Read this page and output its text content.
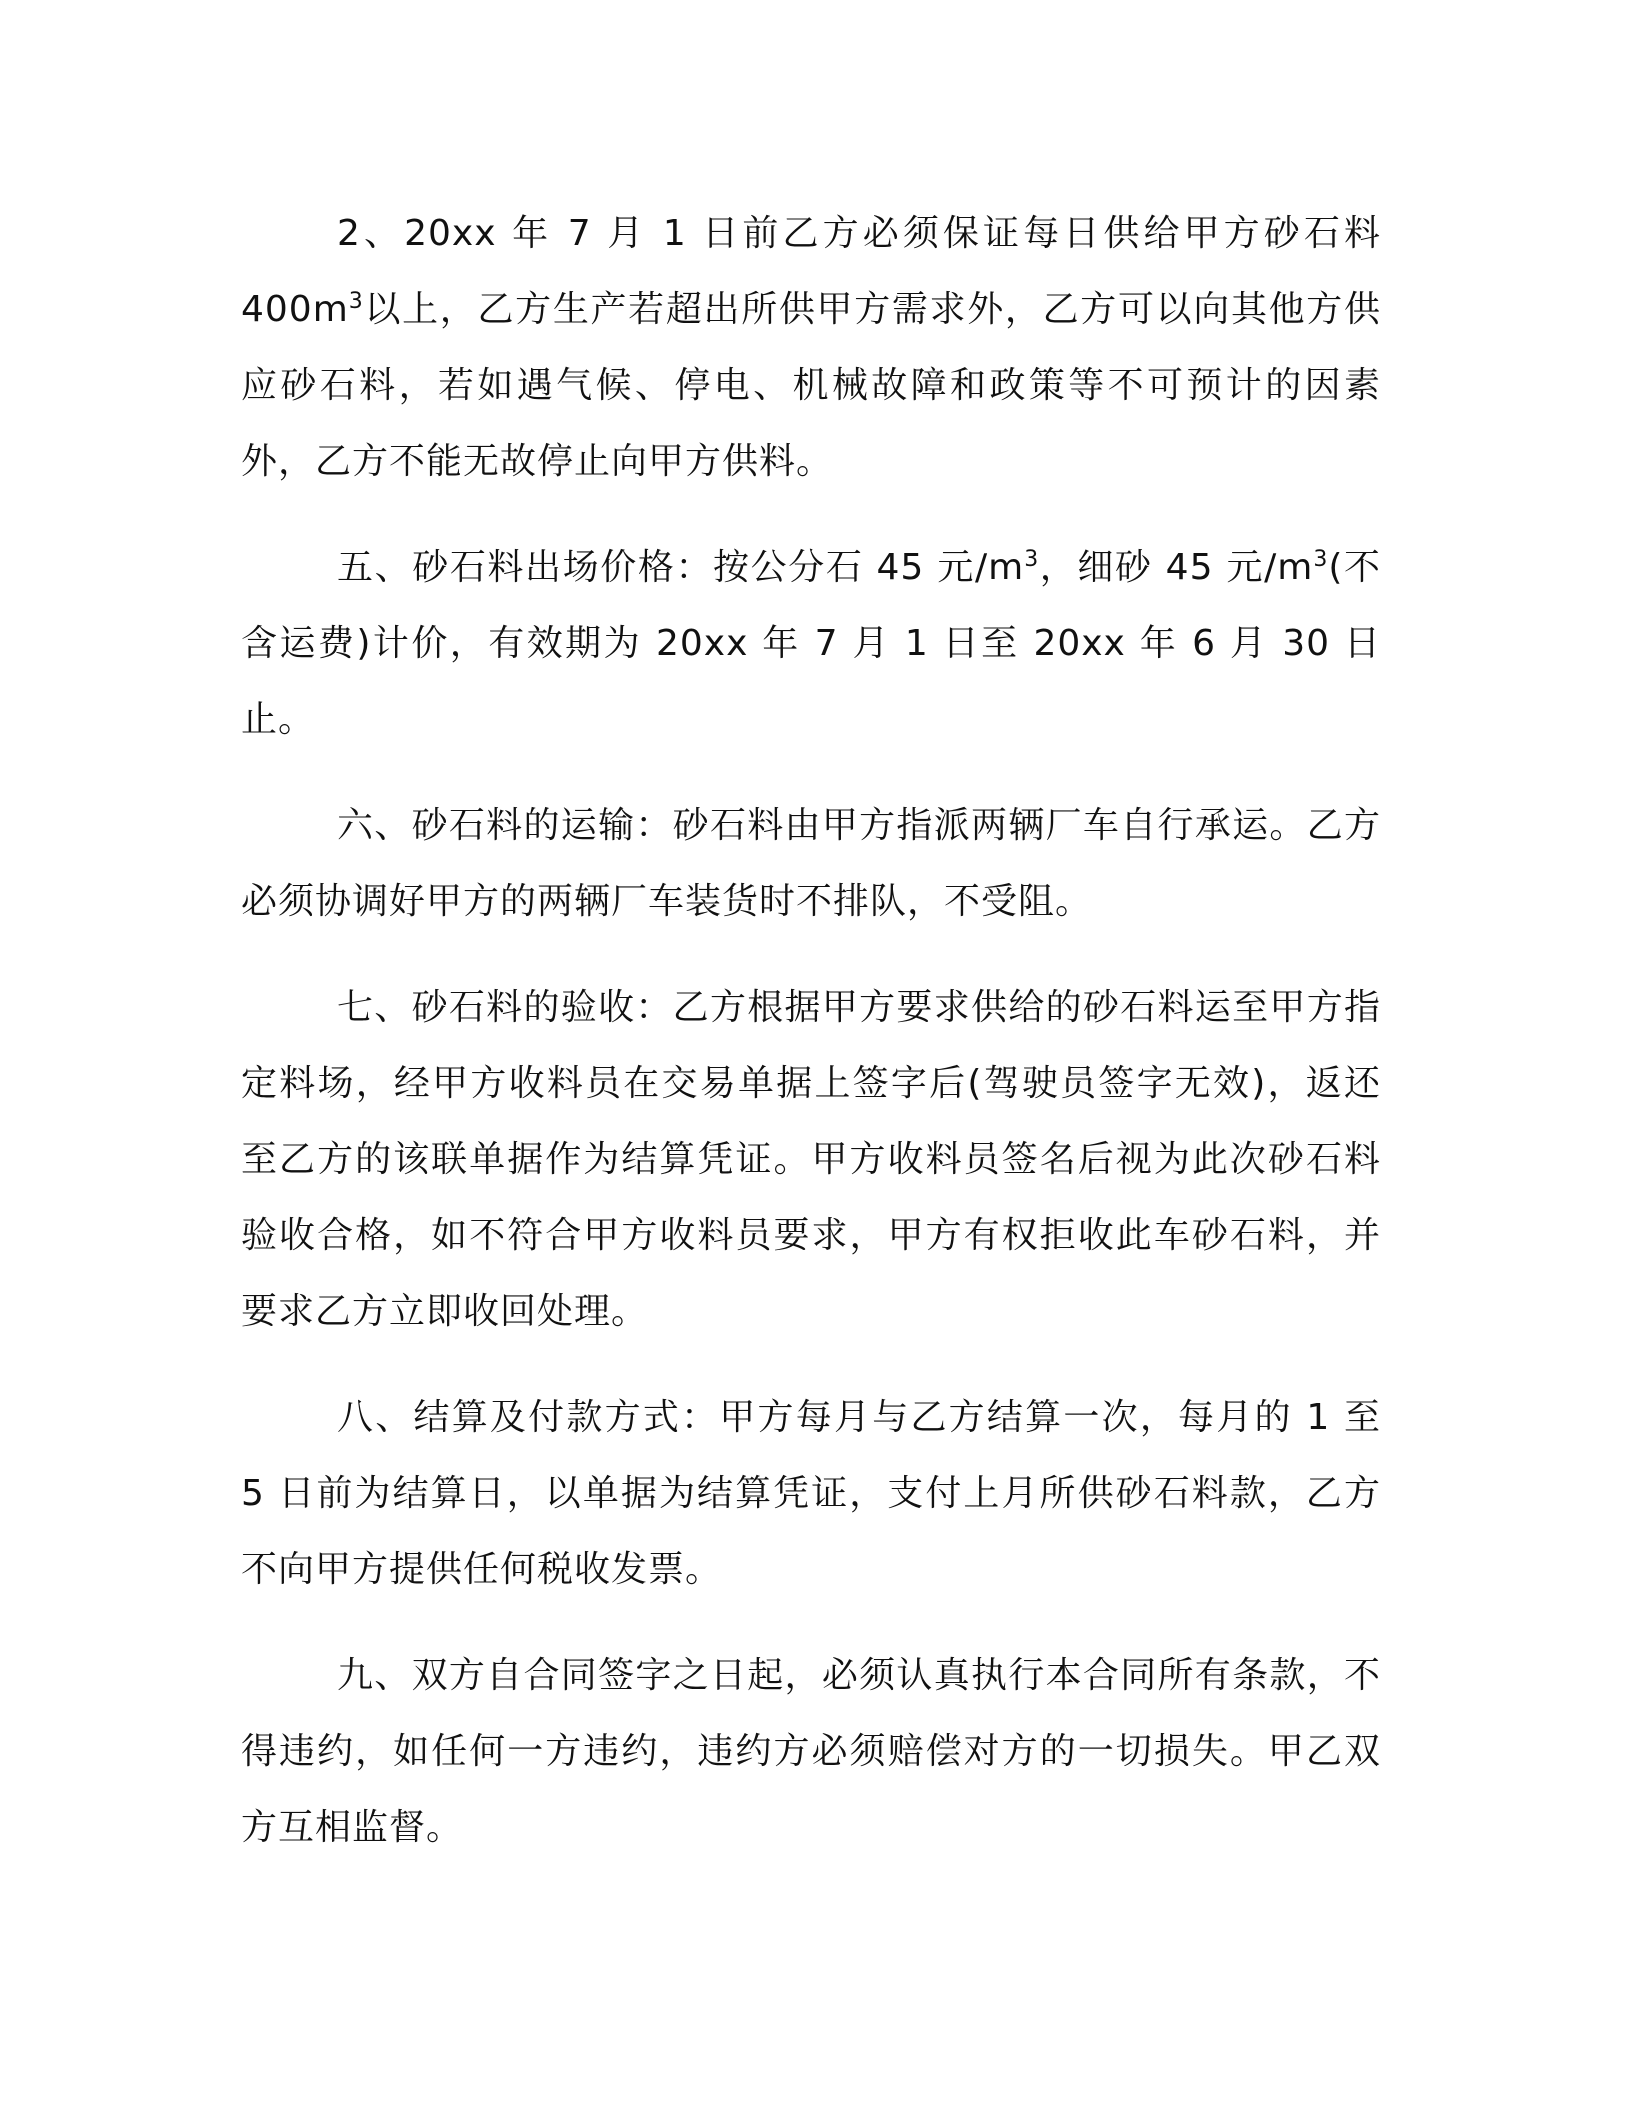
2、20xx 年 7 月 1 日前乙方必须保证每日供给甲方砂石料 $400m^3$以上，乙方生产若超出所供甲方需求外，乙方可以向其他方供应砂石料，若如遇气候、停电、机械故障和政策等不可预计的因素外，乙方不能无故停止向甲方供料。

五、砂石料出场价格：按公分石 45 元$/m^3$，细砂 45 元$/m^3$(不含运费)计价，有效期为 20xx 年 7 月 1 日至 20xx 年 6 月 30 日止。

六、砂石料的运输：砂石料由甲方指派两辆厂车自行承运。乙方必须协调好甲方的两辆厂车装货时不排队，不受阻。

七、砂石料的验收：乙方根据甲方要求供给的砂石料运至甲方指定料场，经甲方收料员在交易单据上签字后(驾驶员签字无效)，返还至乙方的该联单据作为结算凭证。甲方收料员签名后视为此次砂石料验收合格，如不符合甲方收料员要求，甲方有权拒收此车砂石料，并要求乙方立即收回处理。

八、结算及付款方式：甲方每月与乙方结算一次，每月的 1 至 5 日前为结算日，以单据为结算凭证，支付上月所供砂石料款，乙方不向甲方提供任何税收发票。

九、双方自合同签字之日起，必须认真执行本合同所有条款，不得违约，如任何一方违约，违约方必须赔偿对方的一切损失。甲乙双方互相监督。
